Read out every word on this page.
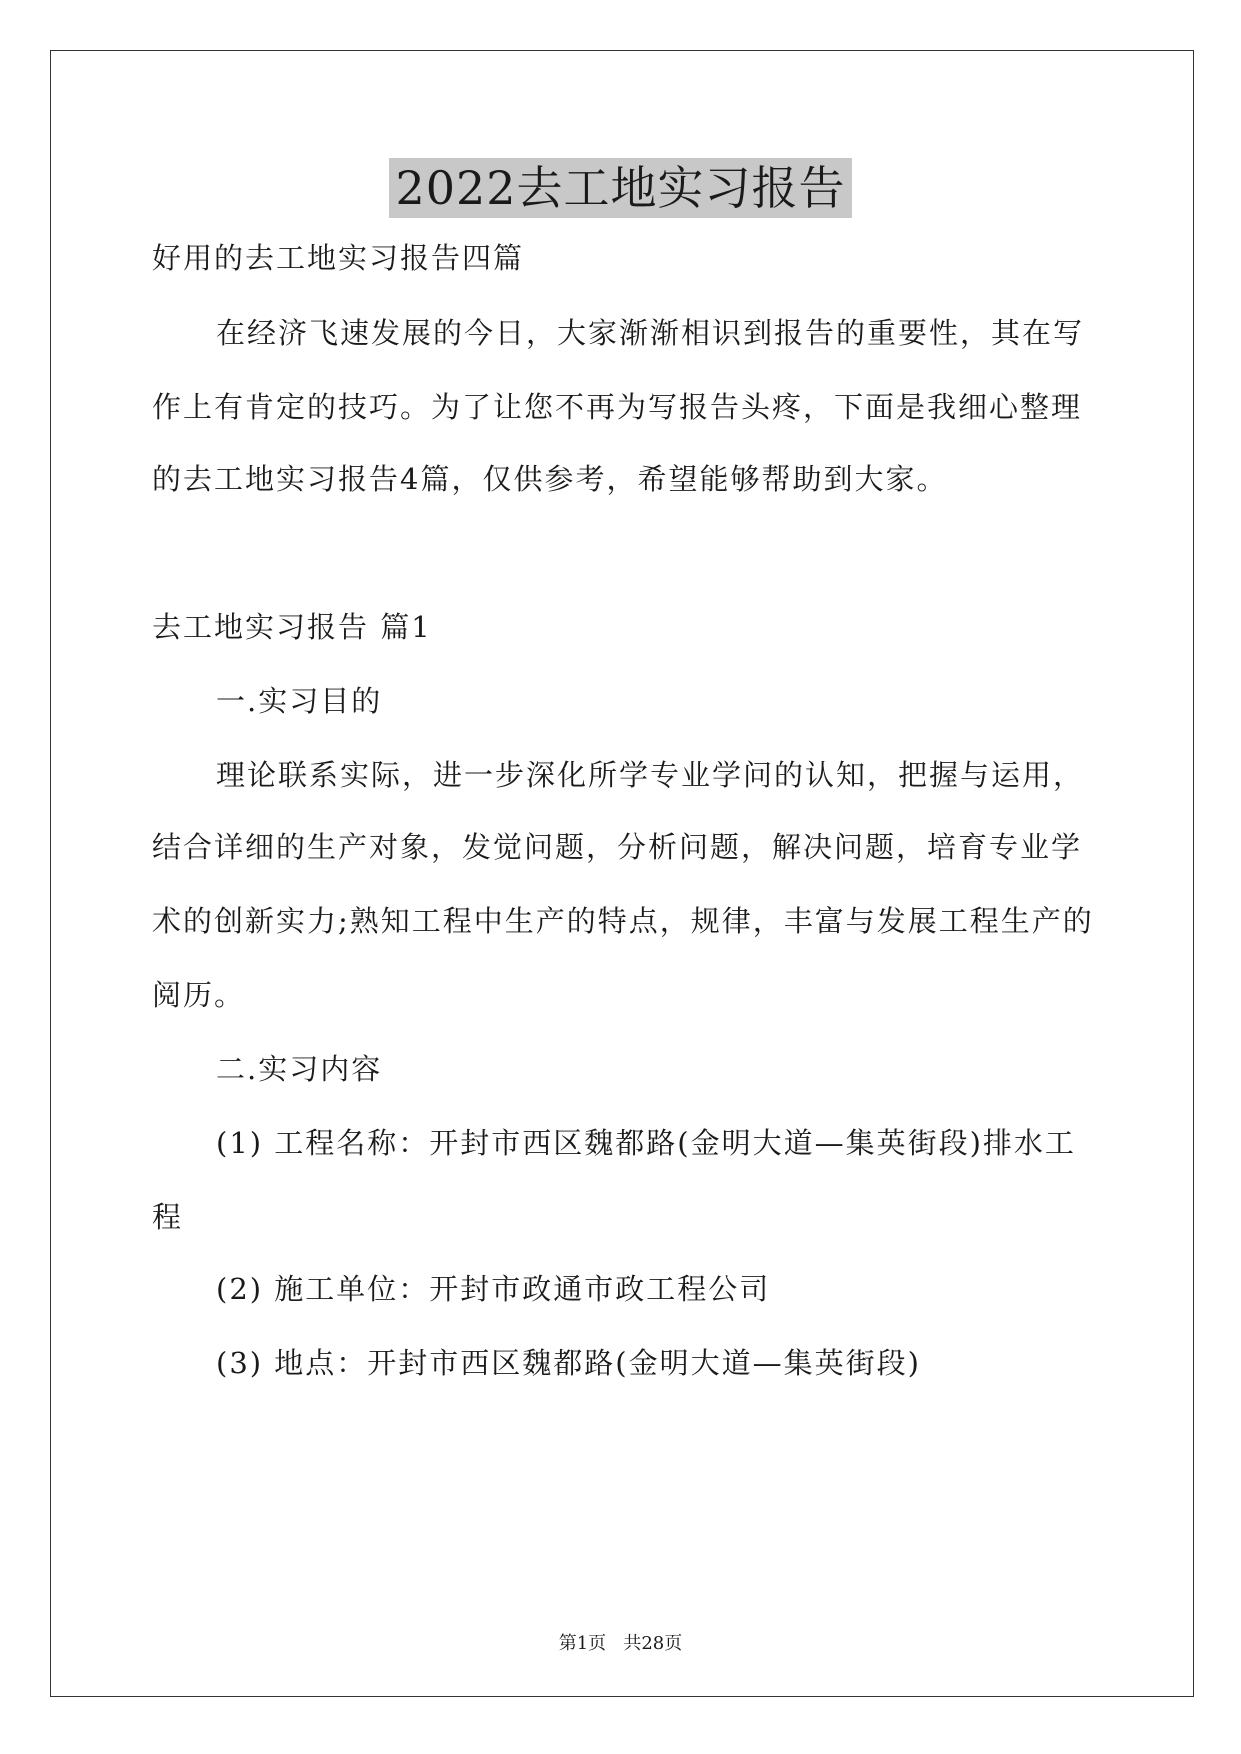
2022去工地实习报告
好用的去工地实习报告四篇
在经济飞速发展的今日，大家渐渐相识到报告的重要性，其在写
作上有肯定的技巧。为了让您不再为写报告头疼，下面是我细心整理
的去工地实习报告4篇，仅供参考，希望能够帮助到大家。
去工地实习报告 篇1
一.实习目的
理论联系实际，进一步深化所学专业学问的认知，把握与运用，
结合详细的生产对象，发觉问题，分析问题，解决问题，培育专业学
术的创新实力;熟知工程中生产的特点，规律，丰富与发展工程生产的
阅历。
二.实习内容
(1) 工程名称：开封市西区魏都路(金明大道—集英街段)排水工
程
(2) 施工单位：开封市政通市政工程公司
(3) 地点：开封市西区魏都路(金明大道—集英街段)
第1页   共28页
